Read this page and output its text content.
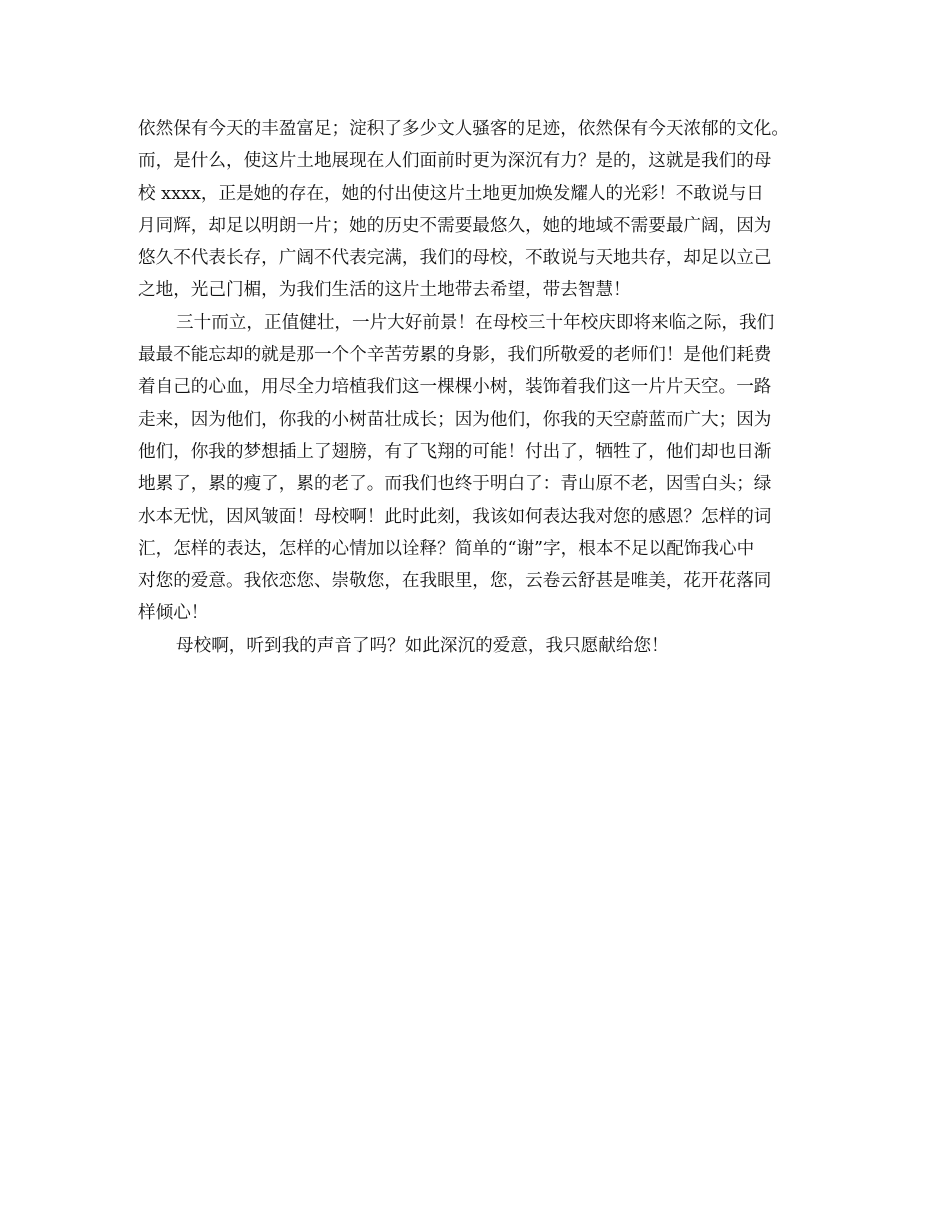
依然保有今天的丰盈富足；淀积了多少文人骚客的足迹，依然保有今天浓郁的文化。
而，是什么，使这片土地展现在人们面前时更为深沉有力？是的，这就是我们的母
校 xxxx，正是她的存在，她的付出使这片土地更加焕发耀人的光彩！不敢说与日
月同辉，却足以明朗一片；她的历史不需要最悠久，她的地域不需要最广阔，因为
悠久不代表长存，广阔不代表完满，我们的母校，不敢说与天地共存，却足以立己
之地，光己门楣，为我们生活的这片土地带去希望，带去智慧！
三十而立，正值健壮，一片大好前景！在母校三十年校庆即将来临之际，我们
最最不能忘却的就是那一个个辛苦劳累的身影，我们所敬爱的老师们！是他们耗费
着自己的心血，用尽全力培植我们这一棵棵小树，装饰着我们这一片片天空。一路
走来，因为他们，你我的小树苗壮成长；因为他们，你我的天空蔚蓝而广大；因为
他们，你我的梦想插上了翅膀，有了飞翔的可能！付出了，牺牲了，他们却也日渐
地累了，累的瘦了，累的老了。而我们也终于明白了：青山原不老，因雪白头；绿
水本无忧，因风皱面！母校啊！此时此刻，我该如何表达我对您的感恩？怎样的词
汇，怎样的表达，怎样的心情加以诠释？简单的“谢”字，根本不足以配饰我心中
对您的爱意。我依恋您、崇敬您，在我眼里，您，云卷云舒甚是唯美，花开花落同
样倾心！
母校啊，听到我的声音了吗？如此深沉的爱意，我只愿献给您！
